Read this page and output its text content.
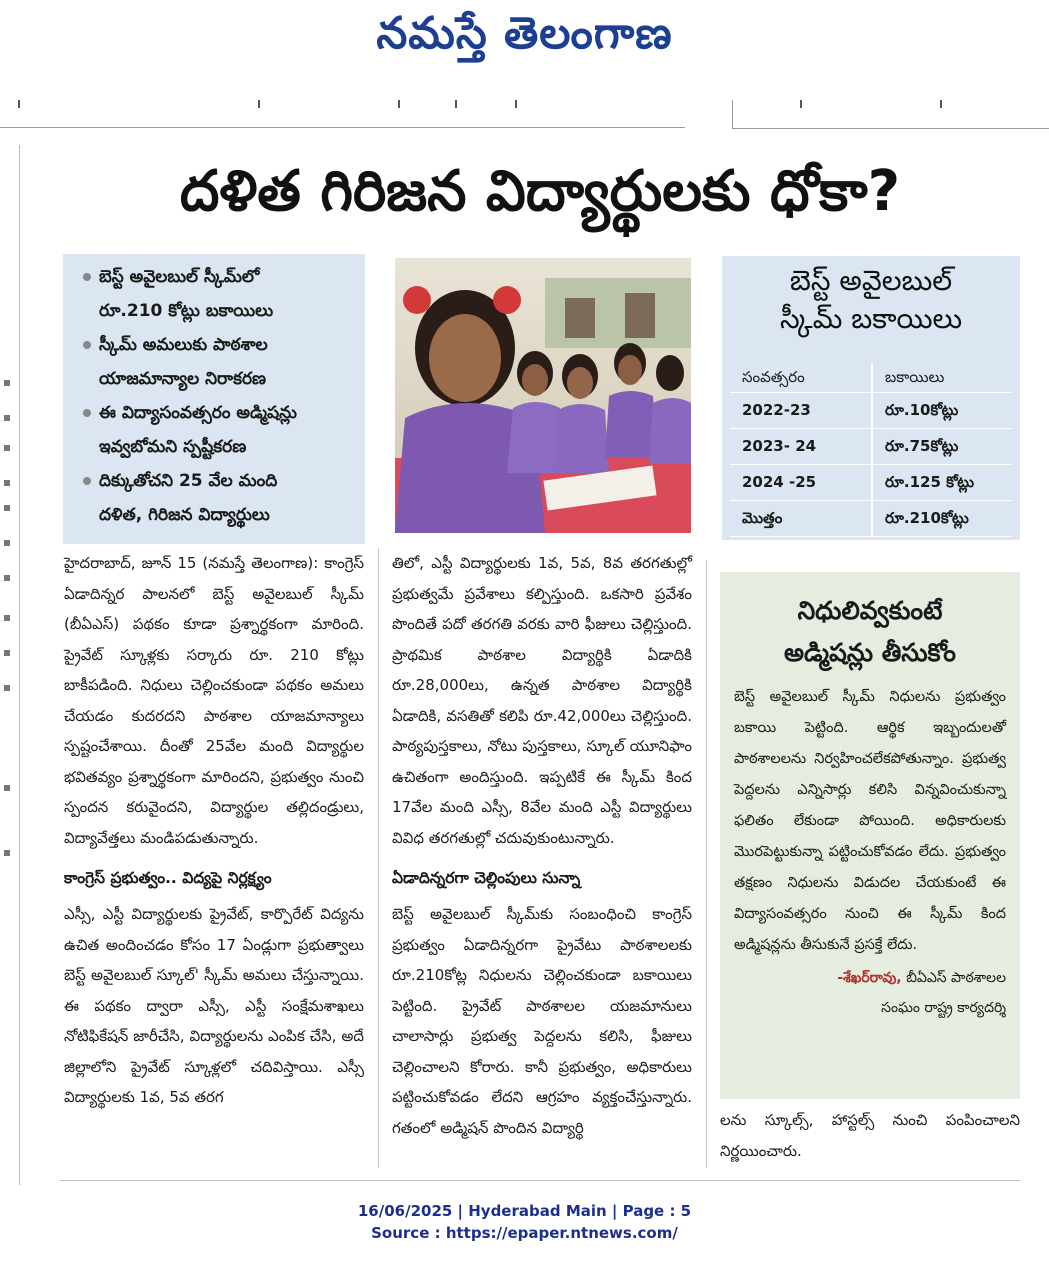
నమస్తే తెలంగాణ
దళిత గిరిజన విద్యార్థులకు ధోకా?
బెస్ట్ అవైలబుల్ స్కీమ్‌లో
రూ.210 కోట్లు బకాయిలు
స్కీమ్ అమలుకు పాఠశాల
యాజమాన్యాల నిరాకరణ
ఈ విద్యాసంవత్సరం అడ్మిషన్లు
ఇవ్వబోమని స్పష్టీకరణ
దిక్కుతోచని 25 వేల మంది
దళిత, గిరిజన విద్యార్థులు
బెస్ట్ అవైలబుల్
స్కీమ్ బకాయిలు
సంవత్సరం	బకాయిలు
2022-23	రూ.10కోట్లు
2023- 24	రూ.75కోట్లు
2024 -25	రూ.125 కోట్లు
మొత్తం	రూ.210కోట్లు
నిధులివ్వకుంటే
అడ్మిషన్లు తీసుకోం

బెస్ట్ అవైలబుల్ స్కీమ్ నిధులను ప్రభుత్వం బకాయి పెట్టింది. ఆర్థిక ఇబ్బందులతో పాఠశాలలను నిర్వహించలేకపోతున్నాం. ప్రభుత్వ పెద్దలను ఎన్నిసార్లు కలిసి విన్నవించుకున్నా ఫలితం లేకుండా పోయింది. అధికారులకు మొరపెట్టుకున్నా పట్టించుకోవడం లేదు. ప్రభుత్వం తక్షణం నిధులను విడుదల చేయకుంటే ఈ విద్యాసంవత్సరం నుంచి ఈ స్కీమ్ కింద అడ్మిషన్లను తీసుకునే ప్రసక్తే లేదు.

-శేఖర్‌రావు, బీఏఎస్ పాఠశాలల
సంఘం రాష్ట్ర కార్యదర్శి

హైదరాబాద్, జూన్ 15 (నమస్తే తెలంగాణ): కాంగ్రెస్ ఏడాదిన్నర పాలనలో బెస్ట్ అవైలబుల్ స్కీమ్ (బీఏఎస్) పథకం కూడా ప్రశ్నార్థకంగా మారింది. ప్రైవేట్ స్కూళ్లకు సర్కారు రూ. 210 కోట్లు బాకీపడింది. నిధులు చెల్లించకుండా పథకం అమలు చేయడం కుదరదని పాఠశాల యాజమాన్యాలు స్పష్టంచేశాయి. దీంతో 25వేల మంది విద్యార్థుల భవితవ్యం ప్రశ్నార్థకంగా మారిందని, ప్రభుత్వం నుంచి స్పందన కరువైందని, విద్యార్థుల తల్లిదండ్రులు, విద్యావేత్తలు మండిపడుతున్నారు.

కాంగ్రెస్ ప్రభుత్వం.. విద్యపై నిర్లక్ష్యం

ఎస్సీ, ఎస్టీ విద్యార్థులకు ప్రైవేట్, కార్పొరేట్ విద్యను ఉచిత అందించడం కోసం 17 ఏండ్లుగా ప్రభుత్వాలు బెస్ట్ అవైలబుల్ స్కూల్' స్కీమ్ అమలు చేస్తున్నాయి. ఈ పథకం ద్వారా ఎస్సీ, ఎస్టీ సంక్షేమశాఖలు నోటిఫికేషన్ జారీచేసి, విద్యార్థులను ఎంపిక చేసి, అదే జిల్లాలోని ప్రైవేట్ స్కూళ్లలో చదివిస్తాయి. ఎస్సీ విద్యార్థులకు 1వ, 5వ తరగ

తిలో, ఎస్టీ విద్యార్థులకు 1వ, 5వ, 8వ తరగతుల్లో ప్రభుత్వమే ప్రవేశాలు కల్పిస్తుంది. ఒకసారి ప్రవేశం పొందితే పదో తరగతి వరకు వారి ఫీజులు చెల్లిస్తుంది. ప్రాథమిక పాఠశాల విద్యార్థికి ఏడాదికి రూ.28,000లు, ఉన్నత పాఠశాల విద్యార్థికి ఏడాదికి, వసతితో కలిపి రూ.42,000లు చెల్లిస్తుంది. పాఠ్యపుస్తకాలు, నోటు పుస్తకాలు, స్కూల్ యూనిఫాం ఉచితంగా అందిస్తుంది. ఇప్పటికే ఈ స్కీమ్ కింద 17వేల మంది ఎస్సీ, 8వేల మంది ఎస్టీ విద్యార్థులు వివిధ తరగతుల్లో చదువుకుంటున్నారు.

ఏడాదిన్నరగా చెల్లింపులు సున్నా

బెస్ట్ అవైలబుల్ స్కీమ్‌కు సంబంధించి కాంగ్రెస్ ప్రభుత్వం ఏడాదిన్నరగా ప్రైవేటు పాఠశాలలకు రూ.210కోట్ల నిధులను చెల్లించకుండా బకాయిలు పెట్టింది. ప్రైవేట్ పాఠశాలల యజమానులు చాలాసార్లు ప్రభుత్వ పెద్దలను కలిసి, ఫీజులు చెల్లించాలని కోరారు. కానీ ప్రభుత్వం, అధికారులు పట్టించుకోవడం లేదని ఆగ్రహం వ్యక్తంచేస్తున్నారు. గతంలో అడ్మిషన్ పొందిన విద్యార్థి	లను స్కూల్స్, హాస్టల్స్ నుంచి పంపించాలని నిర్ణయించారు.

16/06/2025 | Hyderabad Main | Page : 5
Source : https://epaper.ntnews.com/
